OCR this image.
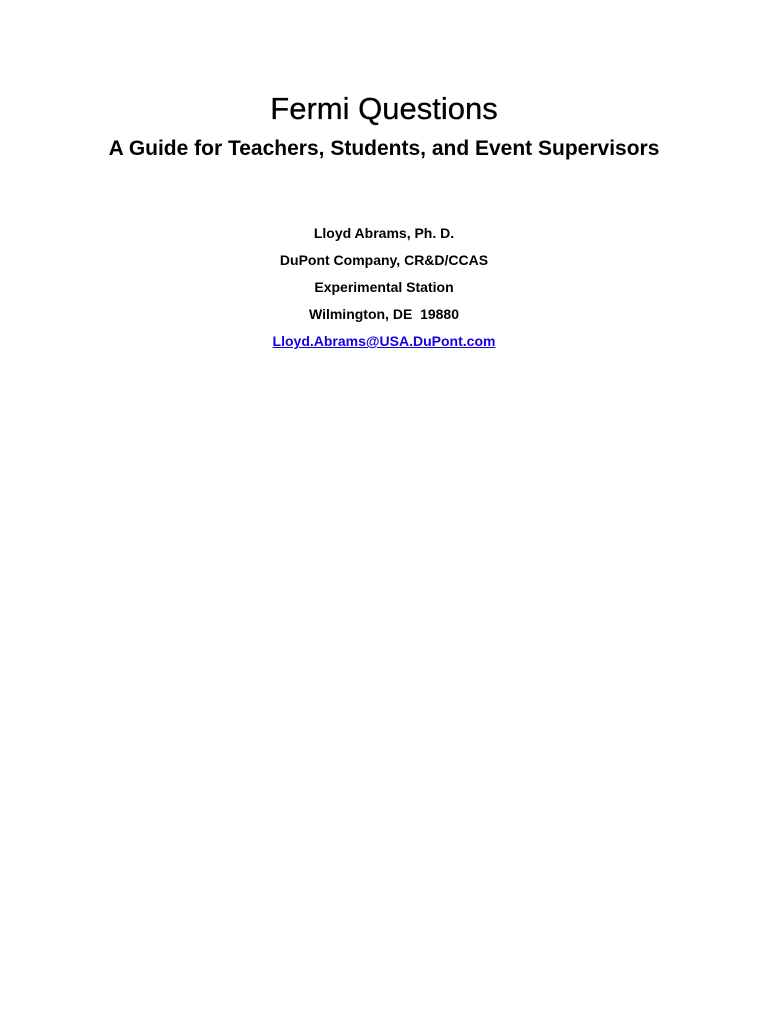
Fermi Questions
A Guide for Teachers, Students, and Event Supervisors
Lloyd Abrams, Ph. D.
DuPont Company, CR&D/CCAS
Experimental Station
Wilmington, DE  19880
Lloyd.Abrams@USA.DuPont.com
